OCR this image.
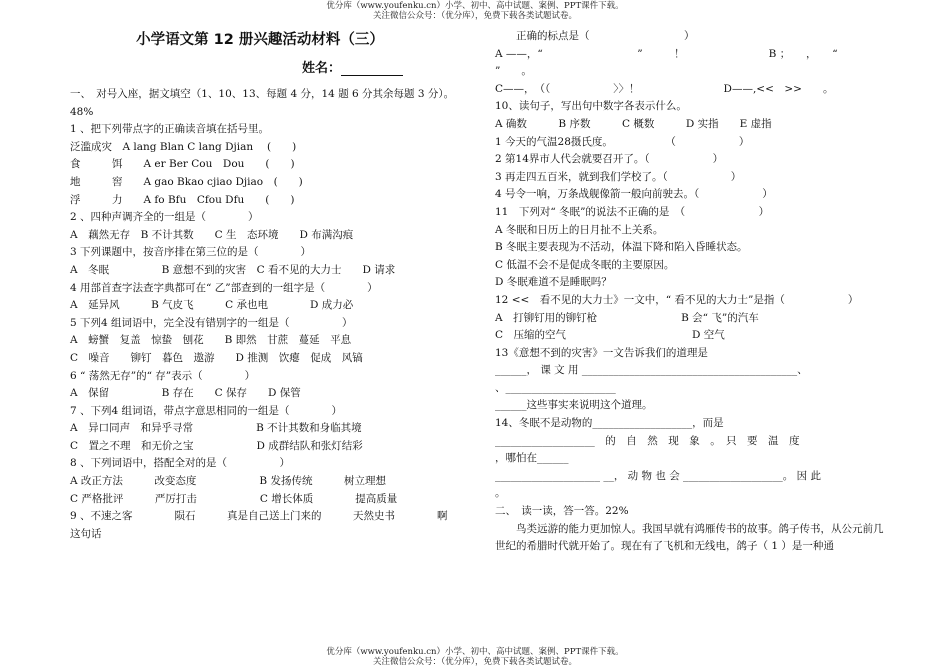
优分库（www.youfenku.cn）小学、初中、高中试题、案例、PPT课件下载。
关注微信公众号：（优分库），免费下载各类试题试卷。
小学语文第 12 册兴趣活动材料（三）
姓名：
一、　对号入座，据文填空（1、10、13、每题 4 分，14 题 6 分其余每题 3 分）。
48%
1 、把下列带点字的正确读音填在括号里。
泛滥成灾　A lang Blan C lang Djian　 (　　)
食　　　饵　　A er Ber Cou　Dou　　(　　)
地　　　窖　　A gao Bkao cjiao Djiao　(　　)
浮　　　力　　A fo Bfu　Cfou Dfu　　(　　)
2 、四种声调齐全的一组是（　　　　）
A　藕然无存　B 不计其数　　C 生　态环境　　D 布满沟痕
3 下列课题中，按音序排在第三位的是（　　　　）
A　冬眠　　　　　B 意想不到的灾害　C 看不见的大力士　　D 请求
4 用部首查字法查字典都可在“ 乙”部查到的一组字是（　　　　）
A　延异风　　　B 气皮飞　　　C 承也电　　　　D 成力必
5 下列4 组词语中，完全没有错别字的一组是（　　　　　）
A　螃蟹　复盖　惊蛰　刨花　　B 即然　甘蔗　蔓延　平息
C　噪音　　铆钉　暮色　遨游　　D 推测　饮瘪　促成　风镐
6 “ 荡然无存”的“ 存”表示（　　　　）
A　保留　　　　　B 存在　　C 保存　　D 保管
7 、下列4 组词语，带点字意思相同的一组是（　　　　）
A　异口同声　和异乎寻常　　　　　　B 不计其数和身临其境
C　置之不理　和无价之宝　　　　　　D 成群结队和张灯结彩
8 、下列词语中，搭配全对的是（　　　　　）
A 改正方法　　　改变态度　　　　　　B 发扬传统　　　树立理想
C 严格批评　　　严厉打击　　　　　　C 增长体质　　　　提高质量
9 、不速之客　　　　陨石　　　真是自己送上门来的　　　天然史书　　　　啊
这句话
　　正确的标点是（　　　　　　　　　）
A ——，“　　　　　　　　　”　　　！　　　　　　　　B ；　　，　　“
”　　。
C——，　（（　　　　　　〉〉！　　　　　　　　D——,<<　>>　　。
10、读句子，写出句中数字各表示什么。
A 确数　　　B 序数　　　C 概数　　　D 实指　　E 虚指
1 今天的气温28摄氏度。　　　　　　（　　　　　　）
2 第14界市人代会就要召开了。（　　　　　　）
3 再走四五百米，就到我们学校了。（　　　　　　）
4 号令一响，万条战舰像箭一般向前驶去。（　　　　　　）
11　下列对“ 冬眠”的说法不正确的是　（　　　　　　　）
A 冬眠和日历上的日月扯不上关系。
B 冬眠主要表现为不活动，体温下降和陷入昏睡状态。
C 低温不会不是促成冬眠的主要原因。
D 冬眠难道不是睡眠吗？
12 <<　看不见的大力士》一文中，“ 看不见的大力士”是指（　　　　　　）
A　打铆钉用的铆钉枪　　　　　　　　B 会“ 飞”的汽车
C　压缩的空气　　　　　　　　　　　　D 空气
13《意想不到的灾害》一文告诉我们的道理是
______， 课 文 用 _________________________________________、
、_____________________
______这些事实来说明这个道理。
14、冬眠不是动物的___________________，而是
___________________　的　自　然　现　象　。　只　要　温　度
，哪怕在______
____________________ __， 动 物 也 会 ___________________。 因 此
。
二、　读一读，答一答。22%
鸟类远游的能力更加惊人。我国早就有鸿雁传书的故事。鸽子传书，从公元前几世纪的希腊时代就开始了。现在有了飞机和无线电，鸽子（ 1 ）是一种通
优分库（www.youfenku.cn）小学、初中、高中试题、案例、PPT课件下载。
关注微信公众号：（优分库），免费下载各类试题试卷。
